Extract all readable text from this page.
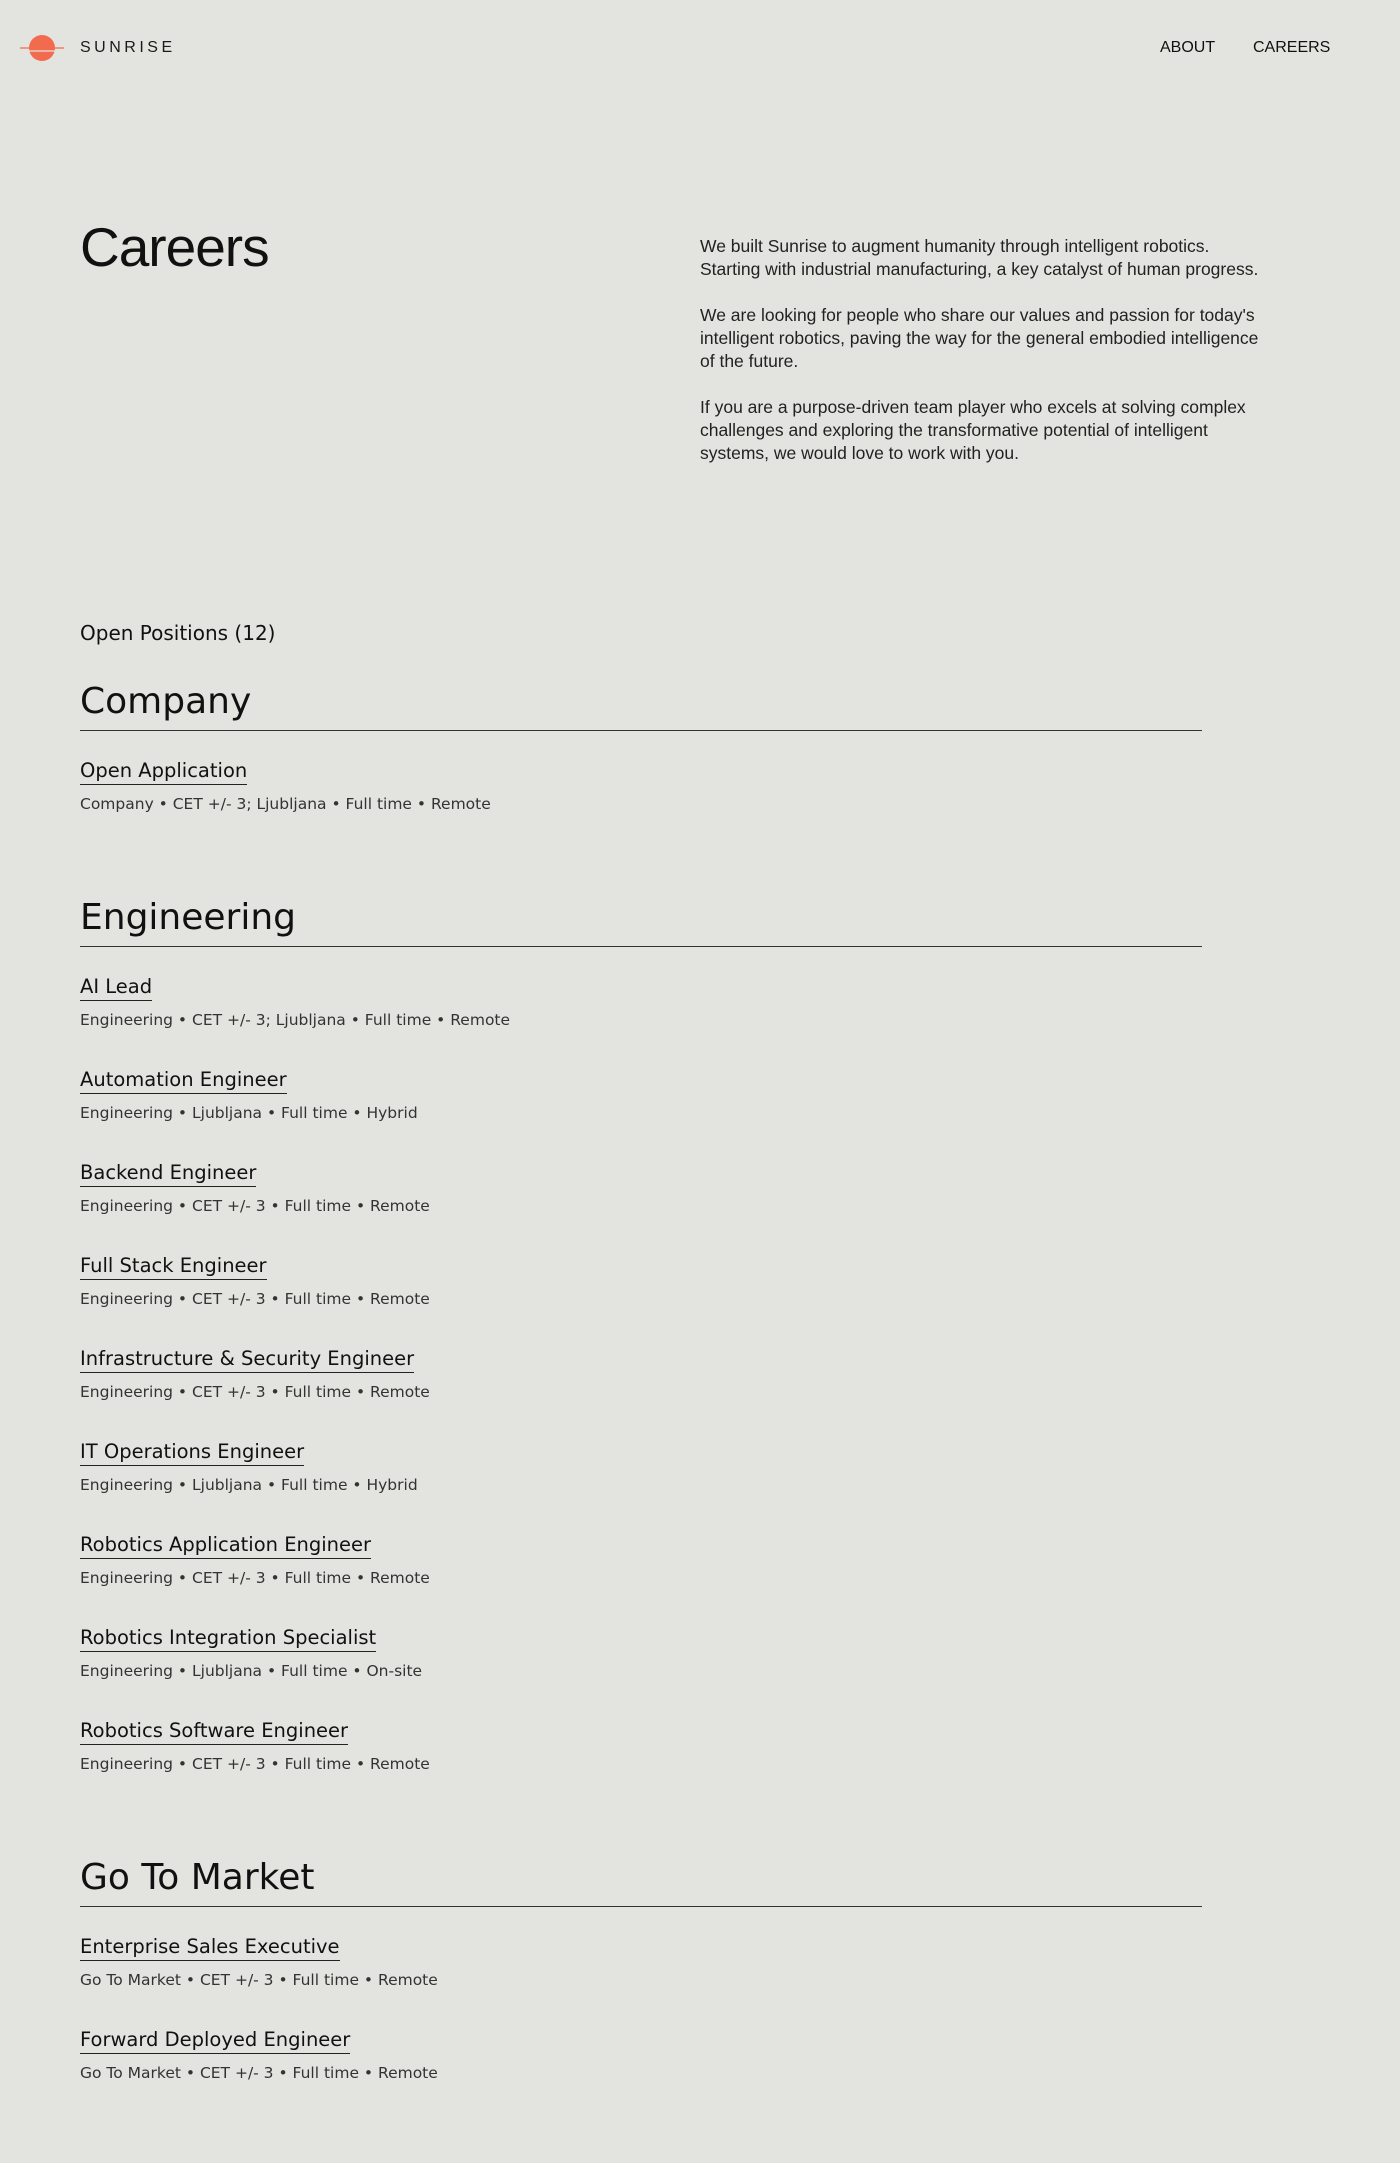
SUNRISE	ABOUT CAREERS
Careers	We built Sunrise to augment humanity through intelligent robotics. Starting with industrial manufacturing, a key catalyst of human progress.

We are looking for people who share our values and passion for today's intelligent robotics, paving the way for the general embodied intelligence of the future.

If you are a purpose-driven team player who excels at solving complex challenges and exploring the transformative potential of intelligent systems, we would love to work with you.

Open Positions (12)
Company
Open Application
Company • CET +/- 3; Ljubljana • Full time • Remote
Engineering
AI Lead
Engineering • CET +/- 3; Ljubljana • Full time • Remote
Automation Engineer
Engineering • Ljubljana • Full time • Hybrid
Backend Engineer
Engineering • CET +/- 3 • Full time • Remote
Full Stack Engineer
Engineering • CET +/- 3 • Full time • Remote
Infrastructure & Security Engineer
Engineering • CET +/- 3 • Full time • Remote
IT Operations Engineer
Engineering • Ljubljana • Full time • Hybrid
Robotics Application Engineer
Engineering • CET +/- 3 • Full time • Remote
Robotics Integration Specialist
Engineering • Ljubljana • Full time • On-site
Robotics Software Engineer
Engineering • CET +/- 3 • Full time • Remote
Go To Market
Enterprise Sales Executive
Go To Market • CET +/- 3 • Full time • Remote
Forward Deployed Engineer
Go To Market • CET +/- 3 • Full time • Remote
